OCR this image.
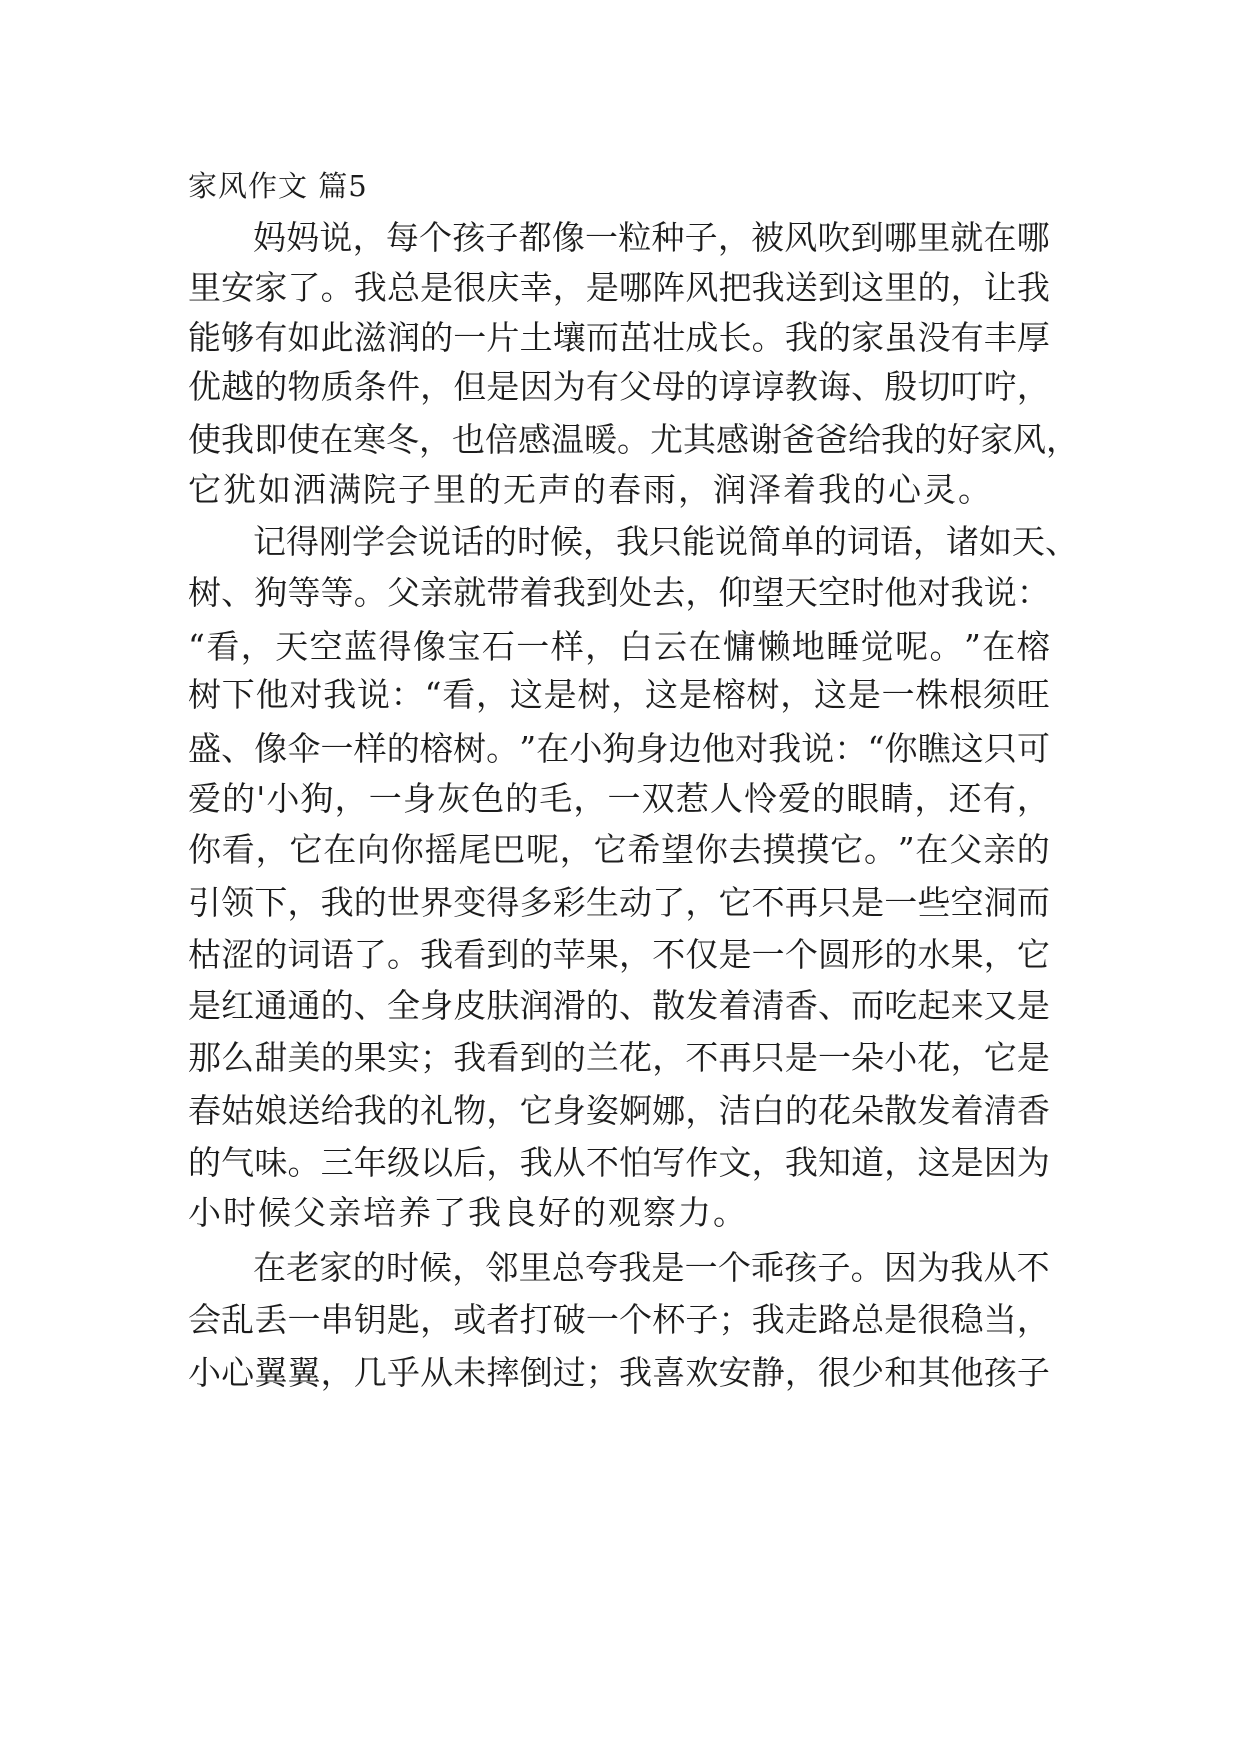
家风作文 篇5
妈 妈 说 ， 每 个 孩 子 都 像 一 粒 种 子 ， 被 风 吹 到 哪 里 就 在 哪
里 安 家 了 。 我 总 是 很 庆 幸 ， 是 哪 阵 风 把 我 送 到 这 里 的 ， 让 我
能 够 有 如 此 滋 润 的 一 片 土 壤 而 茁 壮 成 长 。 我 的 家 虽 没 有 丰 厚
优 越 的 物 质 条 件 ， 但 是 因 为 有 父 母 的 谆 谆 教 诲 、 殷 切 叮 咛 ，
使 我 即 使 在 寒 冬 ， 也 倍 感 温 暖 。 尤 其 感 谢 爸 爸 给 我 的 好 家 风 ，
它 犹 如 洒 满 院 子 里 的 无 声 的 春 雨 ， 润 泽 着 我 的 心 灵 。
记 得 刚 学 会 说 话 的 时 候 ， 我 只 能 说 简 单 的 词 语 ， 诸 如 天 、
树 、 狗 等 等 。 父 亲 就 带 着 我 到 处 去 ， 仰 望 天 空 时 他 对 我 说 ：
“ 看 ， 天 空 蓝 得 像 宝 石 一 样 ， 白 云 在 慵 懒 地 睡 觉 呢 。 ” 在 榕
树 下 他 对 我 说 ： “ 看 ， 这 是 树 ， 这 是 榕 树 ， 这 是 一 株 根 须 旺
盛 、 像 伞 一 样 的 榕 树 。 ” 在 小 狗 身 边 他 对 我 说 ： “ 你 瞧 这 只 可
爱 的 ' 小 狗 ， 一 身 灰 色 的 毛 ， 一 双 惹 人 怜 爱 的 眼 睛 ， 还 有 ，
你 看 ， 它 在 向 你 摇 尾 巴 呢 ， 它 希 望 你 去 摸 摸 它 。 ” 在 父 亲 的
引 领 下 ， 我 的 世 界 变 得 多 彩 生 动 了 ， 它 不 再 只 是 一 些 空 洞 而
枯 涩 的 词 语 了 。 我 看 到 的 苹 果 ， 不 仅 是 一 个 圆 形 的 水 果 ， 它
是 红 通 通 的 、 全 身 皮 肤 润 滑 的 、 散 发 着 清 香 、 而 吃 起 来 又 是
那 么 甜 美 的 果 实 ； 我 看 到 的 兰 花 ， 不 再 只 是 一 朵 小 花 ， 它 是
春 姑 娘 送 给 我 的 礼 物 ， 它 身 姿 婀 娜 ， 洁 白 的 花 朵 散 发 着 清 香
的 气 味 。 三 年 级 以 后 ， 我 从 不 怕 写 作 文 ， 我 知 道 ， 这 是 因 为
小 时 候 父 亲 培 养 了 我 良 好 的 观 察 力 。
在 老 家 的 时 候 ， 邻 里 总 夸 我 是 一 个 乖 孩 子 。 因 为 我 从 不
会 乱 丢 一 串 钥 匙 ， 或 者 打 破 一 个 杯 子 ； 我 走 路 总 是 很 稳 当 ，
小 心 翼 翼 ， 几 乎 从 未 摔 倒 过 ； 我 喜 欢 安 静 ， 很 少 和 其 他 孩 子
